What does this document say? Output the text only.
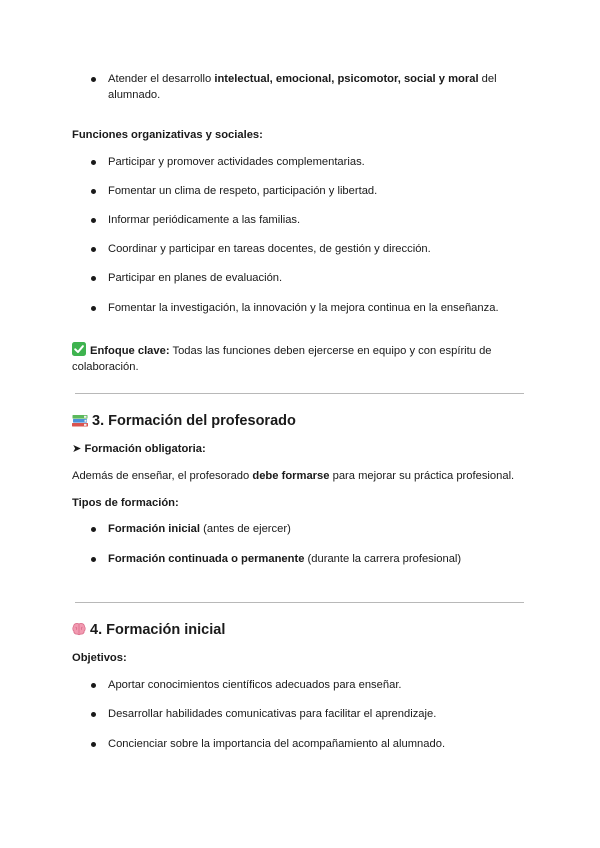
Atender el desarrollo intelectual, emocional, psicomotor, social y moral del alumnado.
Funciones organizativas y sociales:
Participar y promover actividades complementarias.
Fomentar un clima de respeto, participación y libertad.
Informar periódicamente a las familias.
Coordinar y participar en tareas docentes, de gestión y dirección.
Participar en planes de evaluación.
Fomentar la investigación, la innovación y la mejora continua en la enseñanza.
Enfoque clave: Todas las funciones deben ejercerse en equipo y con espíritu de colaboración.
3. Formación del profesorado
➤ Formación obligatoria:
Además de enseñar, el profesorado debe formarse para mejorar su práctica profesional.
Tipos de formación:
Formación inicial (antes de ejercer)
Formación continuada o permanente (durante la carrera profesional)
4. Formación inicial
Objetivos:
Aportar conocimientos científicos adecuados para enseñar.
Desarrollar habilidades comunicativas para facilitar el aprendizaje.
Concienciar sobre la importancia del acompañamiento al alumnado.
